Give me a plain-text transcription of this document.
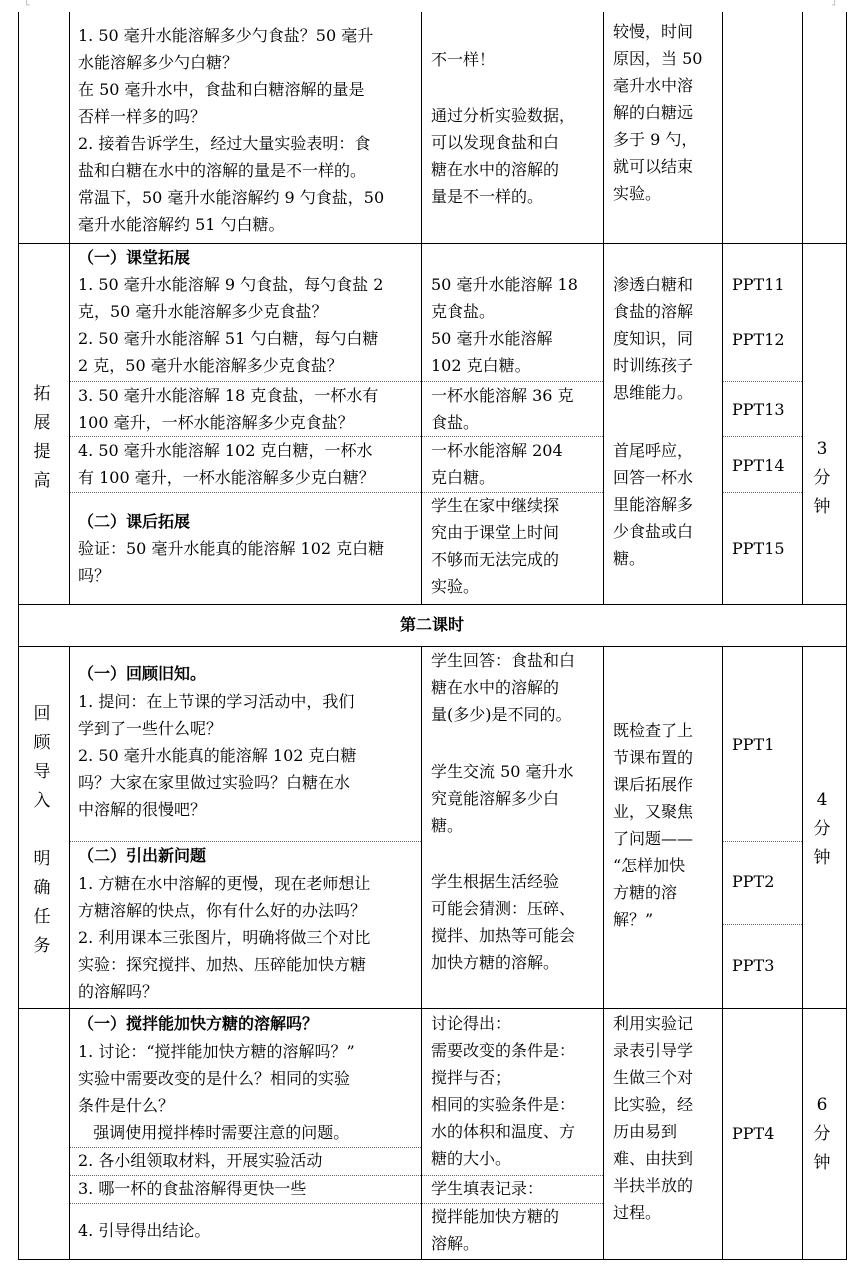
└	┘
1. 50 毫升水能溶解多少勺食盐？50 毫升
水能溶解多少勺白糖？
在 50 毫升水中，食盐和白糖溶解的量是
否样一样多的吗？
2. 接着告诉学生，经过大量实验表明：食
盐和白糖在水中的溶解的量是不一样的。
常温下，50 毫升水能溶解约 9 勺食盐，50
毫升水能溶解约 51 勺白糖。
不一样！
通过分析实验数据，
可以发现食盐和白
糖在水中的溶解的
量是不一样的。
较慢，时间
原因，当 50
毫升水中溶
解的白糖远
多于 9 勺，
就可以结束
实验。
拓
展
提
高
（一）课堂拓展
1. 50 毫升水能溶解 9 勺食盐，每勺食盐 2
克，50 毫升水能溶解多少克食盐？
2. 50 毫升水能溶解 51 勺白糖，每勺白糖
2 克，50 毫升水能溶解多少克食盐？
3. 50 毫升水能溶解 18 克食盐，一杯水有
100 毫升，一杯水能溶解多少克食盐？
4. 50 毫升水能溶解 102 克白糖，一杯水
有 100 毫升，一杯水能溶解多少克白糖？
（二）课后拓展
验证：50 毫升水能真的能溶解 102 克白糖
吗？
50 毫升水能溶解 18
克食盐。
50 毫升水能溶解
102 克白糖。
一杯水能溶解 36 克
食盐。
一杯水能溶解 204
克白糖。
学生在家中继续探
究由于课堂上时间
不够而无法完成的
实验。
渗透白糖和
食盐的溶解
度知识，同
时训练孩子
思维能力。
首尾呼应，
回答一杯水
里能溶解多
少食盐或白
糖。
PPT11
PPT12
PPT13
PPT14
PPT15
3
分
钟
第二课时
回
顾
导
入

明
确
任
务
（一）回顾旧知。
1. 提问：在上节课的学习活动中，我们
学到了一些什么呢？
2. 50 毫升水能真的能溶解 102 克白糖
吗？大家在家里做过实验吗？白糖在水
中溶解的很慢吧？
（二）引出新问题
1. 方糖在水中溶解的更慢，现在老师想让
方糖溶解的快点，你有什么好的办法吗？
2. 利用课本三张图片，明确将做三个对比
实验：探究搅拌、加热、压碎能加快方糖
的溶解吗？
学生回答：食盐和白
糖在水中的溶解的
量(多少)是不同的。
学生交流 50 毫升水
究竟能溶解多少白
糖。
学生根据生活经验
可能会猜测：压碎、
搅拌、加热等可能会
加快方糖的溶解。
既检查了上
节课布置的
课后拓展作
业，又聚焦
了问题——
“怎样加快
方糖的溶
解？”
PPT1
PPT2
PPT3
4
分
钟
（一）搅拌能加快方糖的溶解吗？
1. 讨论：“搅拌能加快方糖的溶解吗？”
实验中需要改变的是什么？相同的实验
条件是什么？
强调使用搅拌棒时需要注意的问题。
2. 各小组领取材料，开展实验活动
3. 哪一杯的食盐溶解得更快一些
4. 引导得出结论。
讨论得出：
需要改变的条件是：
搅拌与否；
相同的实验条件是：
水的体积和温度、方
糖的大小。
学生填表记录：
搅拌能加快方糖的
溶解。
利用实验记
录表引导学
生做三个对
比实验，经
历由易到
难、由扶到
半扶半放的
过程。
PPT4
6
分
钟
